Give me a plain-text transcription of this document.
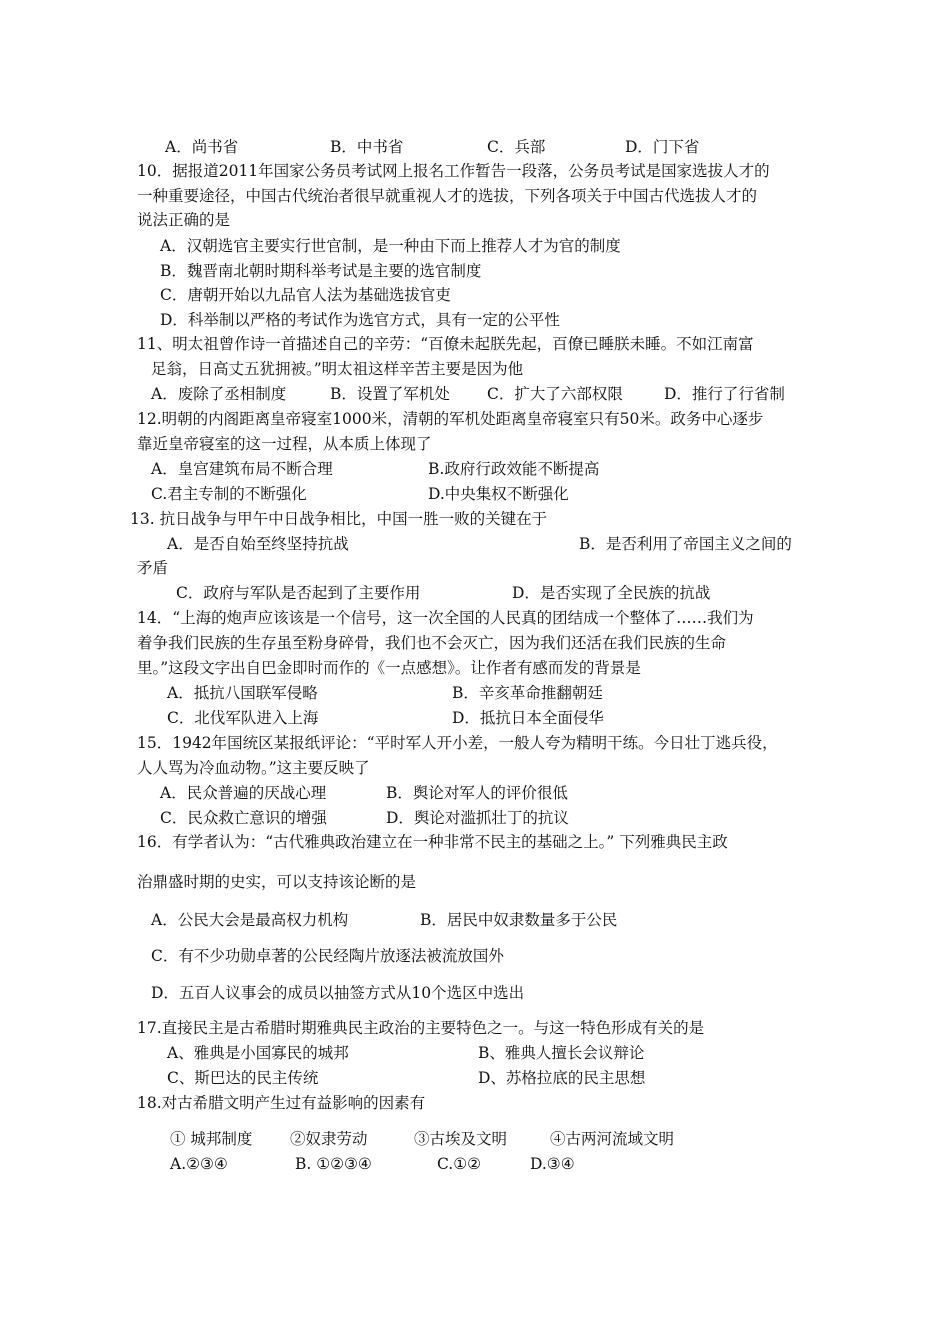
A．尚书省	B．中书省	C．兵部	D．门下省
10．据报道2011年国家公务员考试网上报名工作暂告一段落，公务员考试是国家选拔人才的
一种重要途径，中国古代统治者很早就重视人才的选拔，下列各项关于中国古代选拔人才的
说法正确的是
A．汉朝选官主要实行世官制，是一种由下而上推荐人才为官的制度
B．魏晋南北朝时期科举考试是主要的选官制度
C．唐朝开始以九品官人法为基础选拔官吏
D．科举制以严格的考试作为选官方式，具有一定的公平性
11、明太祖曾作诗一首描述自己的辛劳：“百僚未起朕先起，百僚已睡朕未睡。不如江南富
足翁，日高丈五犹拥被。”明太祖这样辛苦主要是因为他
A．废除了丞相制度	B．设置了军机处 C．扩大了六部权限	D．推行了行省制
12.明朝的内阁距离皇帝寝室1000米，清朝的军机处距离皇帝寝室只有50米。政务中心逐步
靠近皇帝寝室的这一过程，从本质上体现了
A．皇宫建筑布局不断合理	B.政府行政效能不断提高
C.君主专制的不断强化	D.中央集权不断强化
13. 抗日战争与甲午中日战争相比，中国一胜一败的关键在于
A．是否自始至终坚持抗战	B．是否利用了帝国主义之间的
矛盾
C．政府与军队是否起到了主要作用	D．是否实现了全民族的抗战
14．“上海的炮声应该该是一个信号，这一次全国的人民真的团结成一个整体了……我们为
着争我们民族的生存虽至粉身碎骨，我们也不会灭亡，因为我们还活在我们民族的生命
里。”这段文字出自巴金即时而作的《一点感想》。让作者有感而发的背景是
A．抵抗八国联军侵略	B．辛亥革命推翻朝廷
C．北伐军队进入上海	D．抵抗日本全面侵华
15．1942年国统区某报纸评论：“平时军人开小差，一般人夸为精明干练。今日壮丁逃兵役，
人人骂为冷血动物。”这主要反映了
A．民众普遍的厌战心理	B．舆论对军人的评价很低
C．民众救亡意识的增强	D．舆论对滥抓壮丁的抗议
16．有学者认为：“古代雅典政治建立在一种非常不民主的基础之上。” 下列雅典民主政
治鼎盛时期的史实，可以支持该论断的是
A．公民大会是最高权力机构	B．居民中奴隶数量多于公民
C．有不少功勋卓著的公民经陶片放逐法被流放国外
D．五百人议事会的成员以抽签方式从10个选区中选出
17.直接民主是古希腊时期雅典民主政治的主要特色之一。与这一特色形成有关的是
A、雅典是小国寡民的城邦	B、雅典人擅长会议辩论
C、斯巴达的民主传统	D、苏格拉底的民主思想
18.对古希腊文明产生过有益影响的因素有
① 城邦制度 ②奴隶劳动	③古埃及文明	④古两河流域文明
A.②③④	B. ①②③④	C.①②	D.③④
